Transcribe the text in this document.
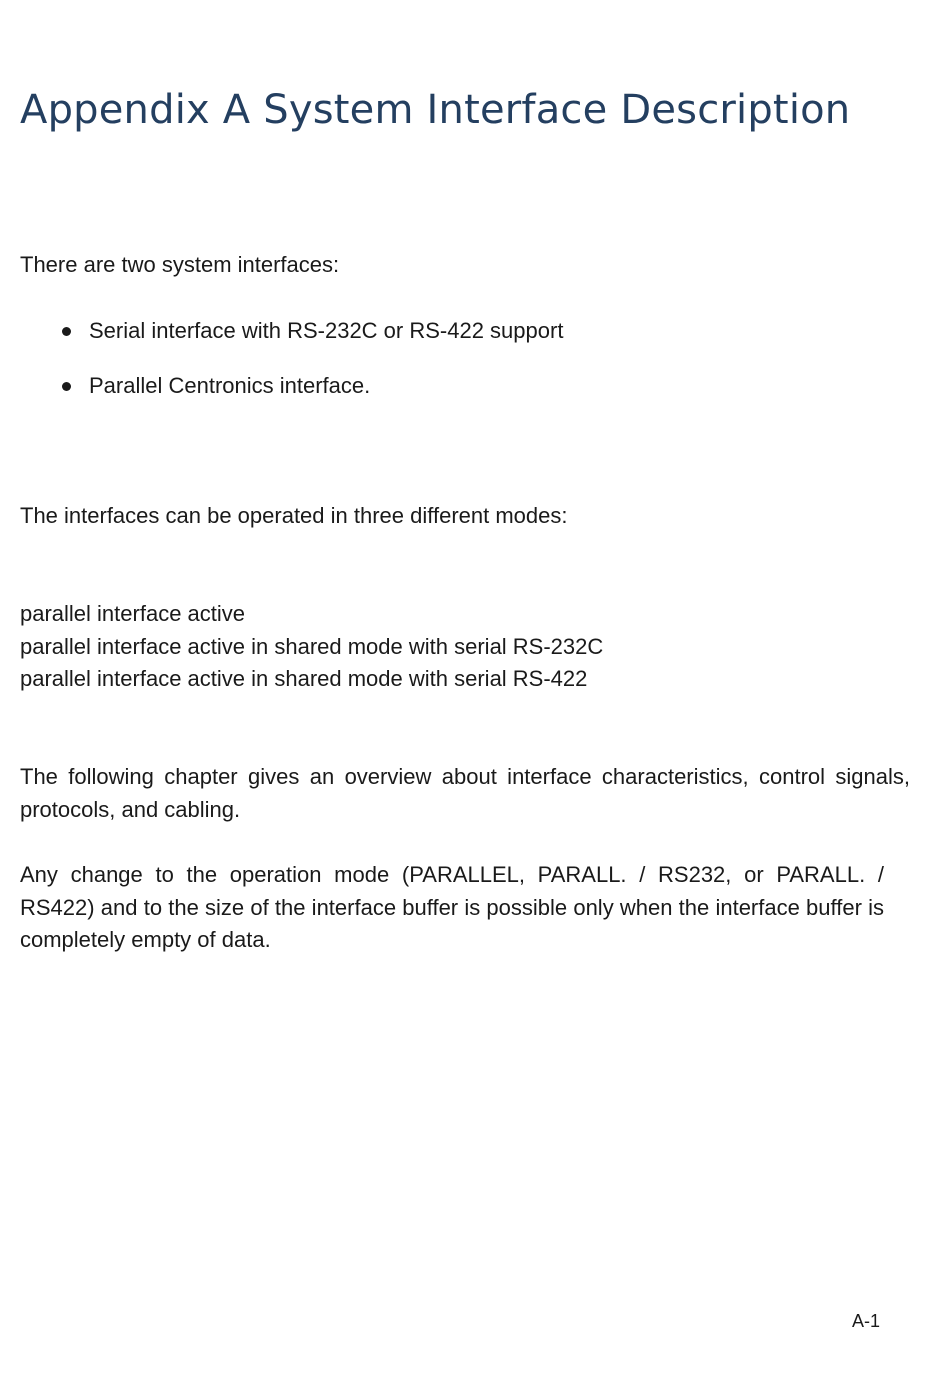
Appendix A System Interface Description

There are two system interfaces:

Serial interface with RS-232C or RS-422 support
Parallel Centronics interface.

The interfaces can be operated in three different modes:

parallel interface active
parallel interface active in shared mode with serial RS-232C
parallel interface active in shared mode with serial RS-422

The following chapter gives an overview about interface characteristics, control signals, protocols, and cabling.

Any change to the operation mode (PARALLEL, PARALL. / RS232, or PARALL. / RS422) and to the size of the interface buffer is possible only when the interface buffer is completely empty of data.

A-1
